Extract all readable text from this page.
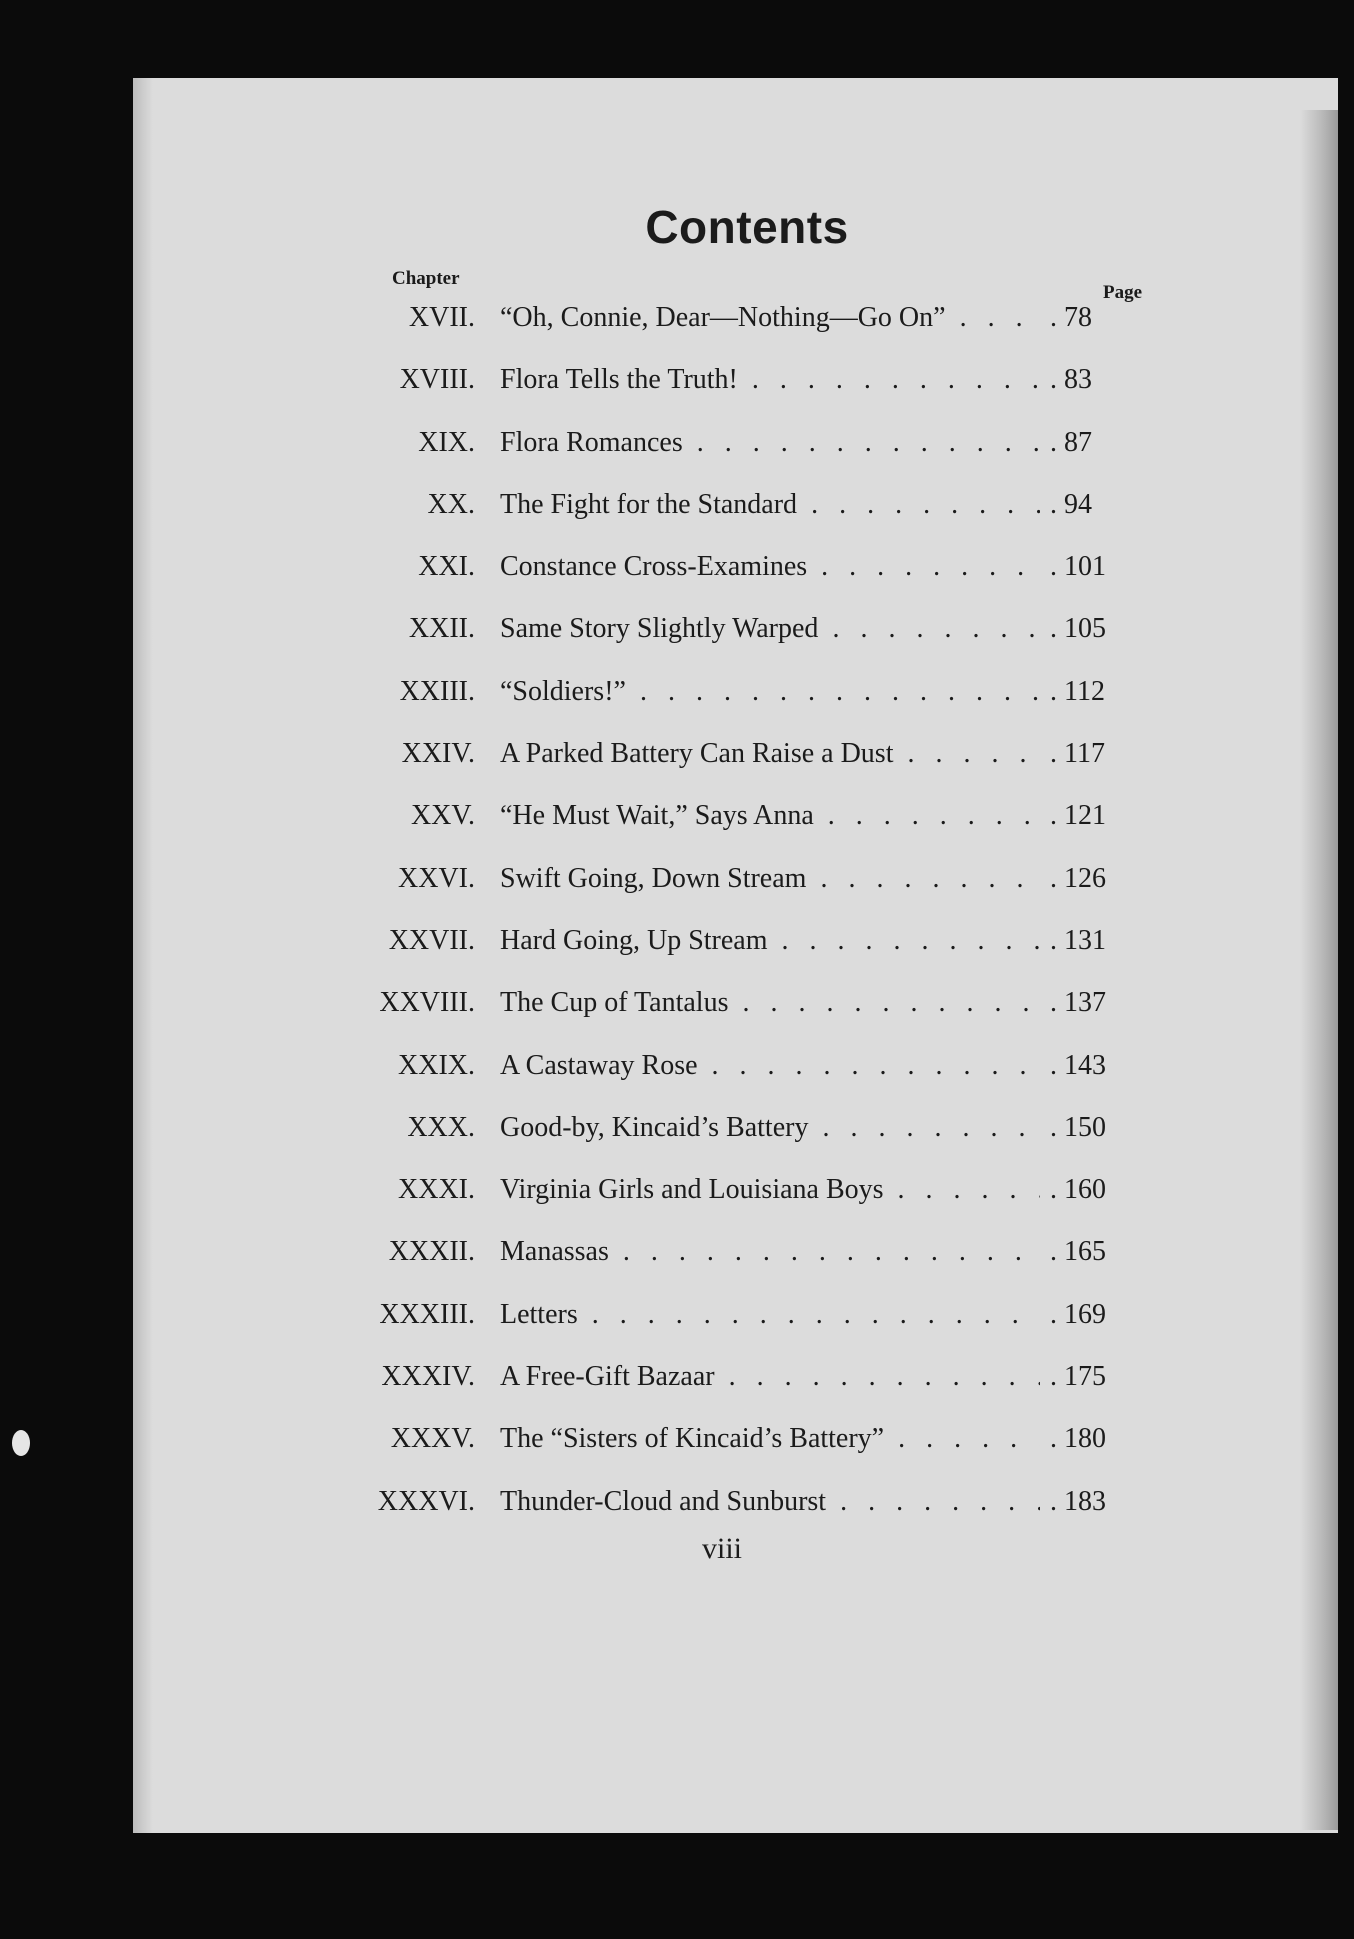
Contents
Chapter
Page
XVII. “Oh, Connie, Dear—Nothing—Go On” . . .	. 78
XVIII. Flora Tells the Truth! . . .	. 83
XIX. Flora Romances . . .	. 87
XX. The Fight for the Standard . . .	. 94
XXI. Constance Cross-Examines . . .	. 101
XXII. Same Story Slightly Warped . . .	. 105
XXIII. “Soldiers!” . . .	. 112
XXIV. A Parked Battery Can Raise a Dust . . .	. 117
XXV. “He Must Wait,” Says Anna . . .	. 121
XXVI. Swift Going, Down Stream . . .	. 126
XXVII. Hard Going, Up Stream . . .	. 131
XXVIII. The Cup of Tantalus . . .	. 137
XXIX. A Castaway Rose . . .	. 143
XXX. Good-by, Kincaid’s Battery . . .	. 150
XXXI. Virginia Girls and Louisiana Boys . . .	. 160
XXXII. Manassas . . .	. 165
XXXIII. Letters . . .	. 169
XXXIV. A Free-Gift Bazaar . . .	. 175
XXXV. The “Sisters of Kincaid’s Battery” . . .	. 180
XXXVI. Thunder-Cloud and Sunburst . . .	. 183
viii
